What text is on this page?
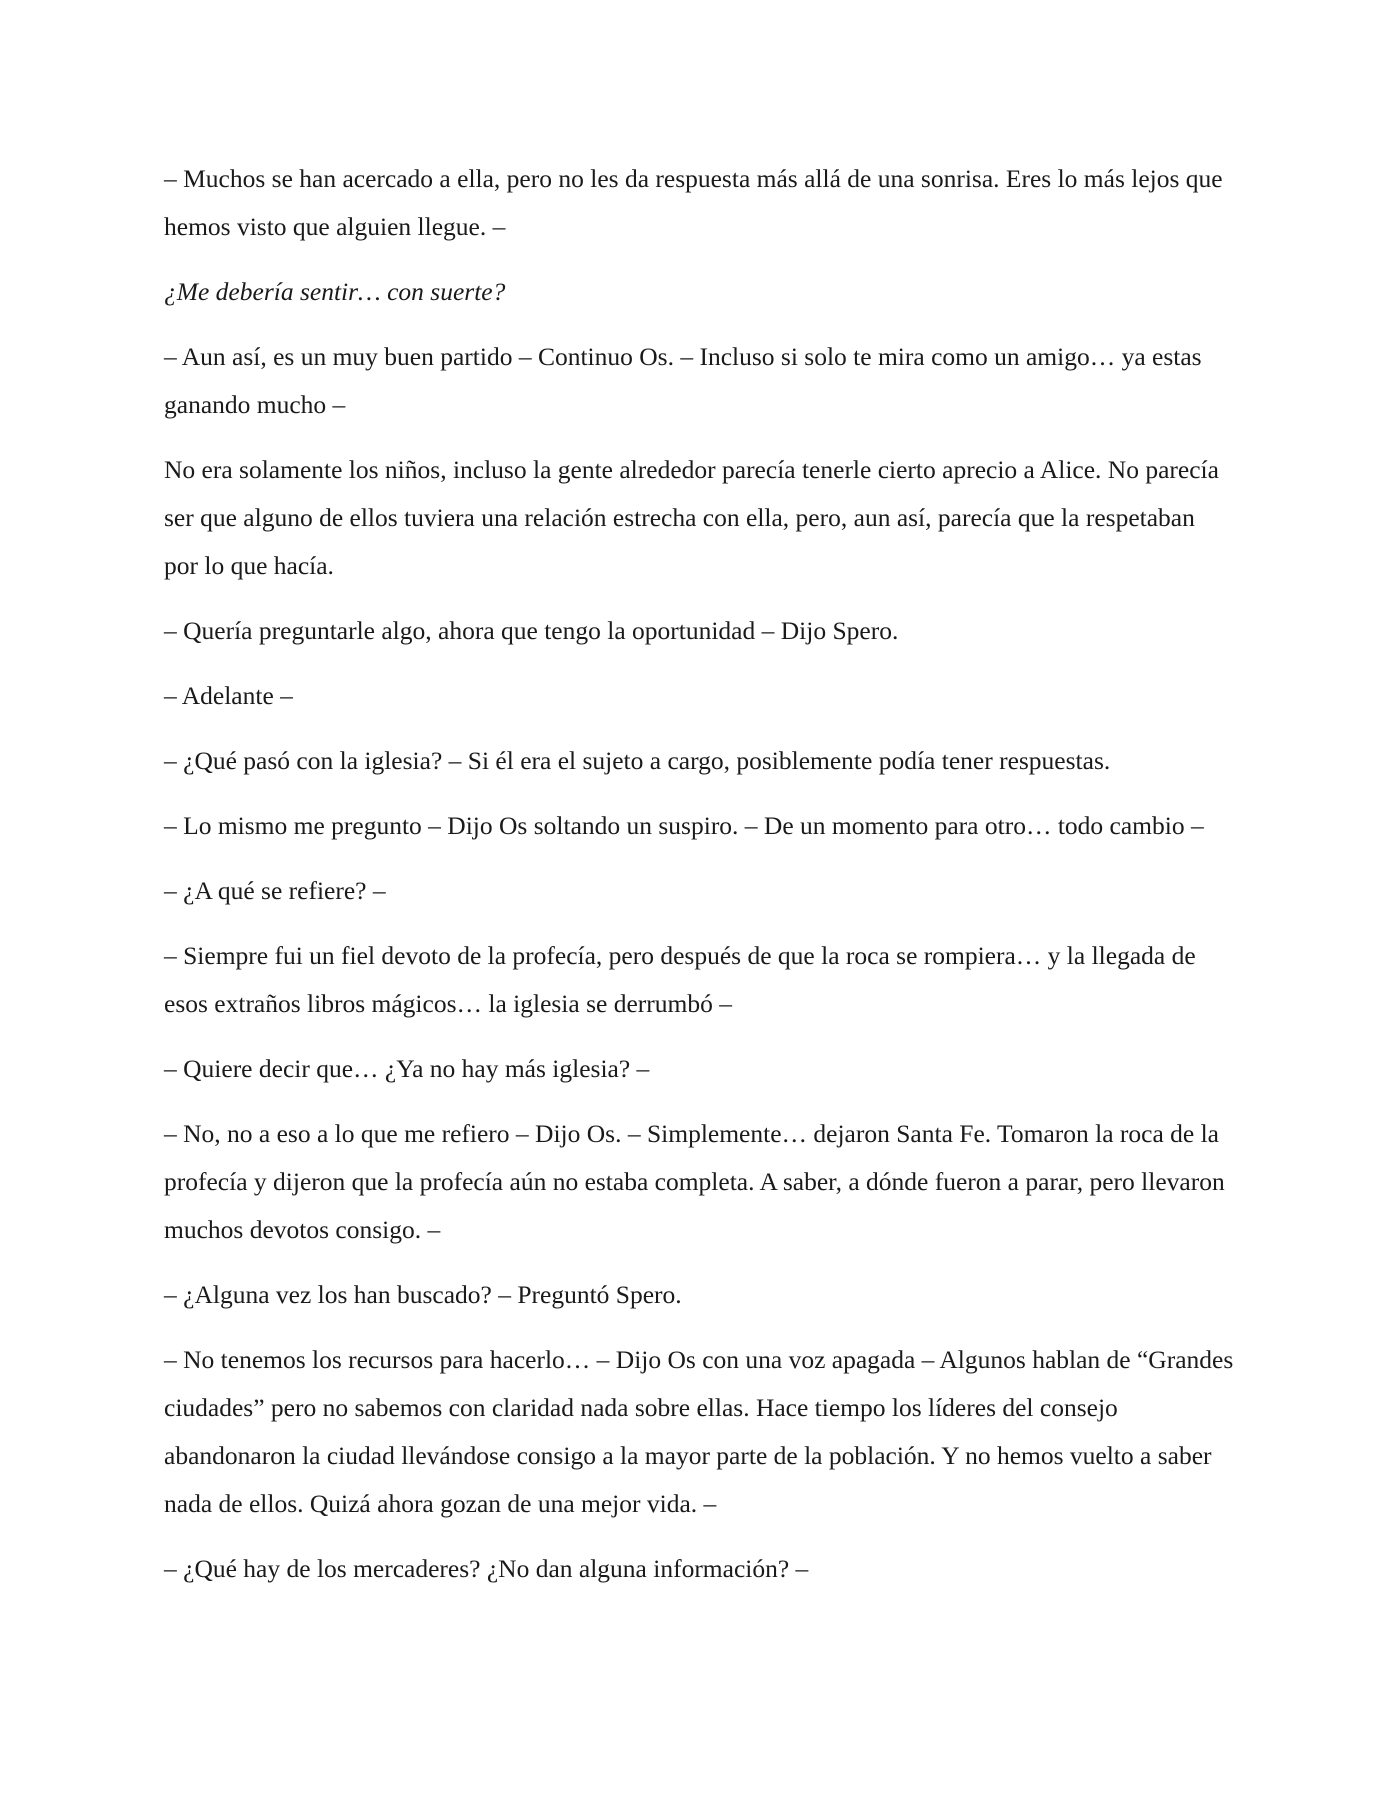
– Muchos se han acercado a ella, pero no les da respuesta más allá de una sonrisa. Eres lo más lejos que hemos visto que alguien llegue. –

¿Me debería sentir… con suerte?

– Aun así, es un muy buen partido – Continuo Os. – Incluso si solo te mira como un amigo… ya estas ganando mucho –

No era solamente los niños, incluso la gente alrededor parecía tenerle cierto aprecio a Alice. No parecía ser que alguno de ellos tuviera una relación estrecha con ella, pero, aun así, parecía que la respetaban por lo que hacía.

– Quería preguntarle algo, ahora que tengo la oportunidad – Dijo Spero.

– Adelante –

– ¿Qué pasó con la iglesia? – Si él era el sujeto a cargo, posiblemente podía tener respuestas.

– Lo mismo me pregunto – Dijo Os soltando un suspiro. – De un momento para otro… todo cambio –

– ¿A qué se refiere? –

– Siempre fui un fiel devoto de la profecía, pero después de que la roca se rompiera… y la llegada de esos extraños libros mágicos… la iglesia se derrumbó –

– Quiere decir que… ¿Ya no hay más iglesia? –

– No, no a eso a lo que me refiero – Dijo Os. – Simplemente… dejaron Santa Fe. Tomaron la roca de la profecía y dijeron que la profecía aún no estaba completa. A saber, a dónde fueron a parar, pero llevaron muchos devotos consigo. –

– ¿Alguna vez los han buscado? – Preguntó Spero.

– No tenemos los recursos para hacerlo… – Dijo Os con una voz apagada – Algunos hablan de “Grandes ciudades” pero no sabemos con claridad nada sobre ellas. Hace tiempo los líderes del consejo abandonaron la ciudad llevándose consigo a la mayor parte de la población. Y no hemos vuelto a saber nada de ellos. Quizá ahora gozan de una mejor vida. –

– ¿Qué hay de los mercaderes? ¿No dan alguna información? –
